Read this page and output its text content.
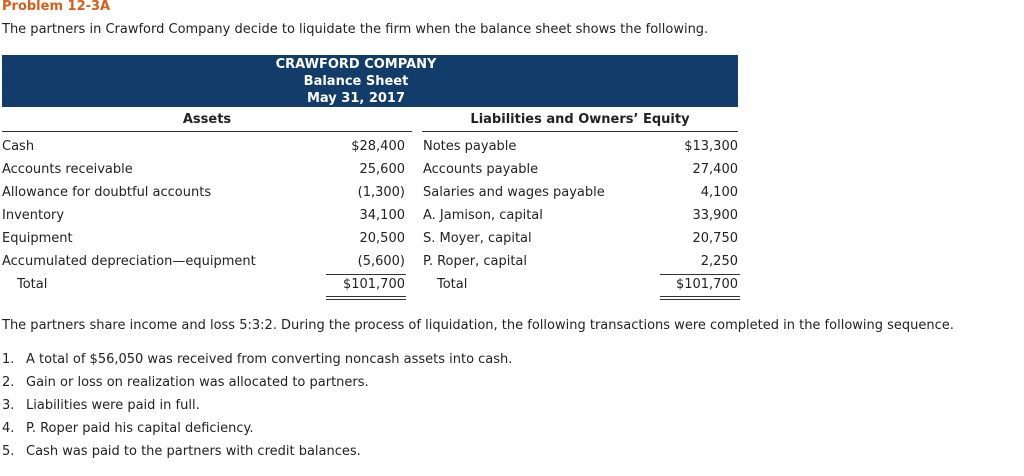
Problem 12-3A
The partners in Crawford Company decide to liquidate the firm when the balance sheet shows the following.
CRAWFORD COMPANY
Balance Sheet
May 31, 2017
Assets	Liabilities and Owners’ Equity
Cash	$28,400 Notes payable	$13,300
Accounts receivable	25,600 Accounts payable	27,400
Allowance for doubtful accounts	(1,300) Salaries and wages payable	4,100
Inventory	34,100 A. Jamison, capital	33,900
Equipment	20,500 S. Moyer, capital	20,750
Accumulated depreciation—equipment	(5,600) P. Roper, capital	2,250
Total	$101,700 Total	$101,700
The partners share income and loss 5:3:2. During the process of liquidation, the following transactions were completed in the following sequence.
1. A total of $56,050 was received from converting noncash assets into cash.
2. Gain or loss on realization was allocated to partners.
3. Liabilities were paid in full.
4. P. Roper paid his capital deficiency.
5. Cash was paid to the partners with credit balances.
